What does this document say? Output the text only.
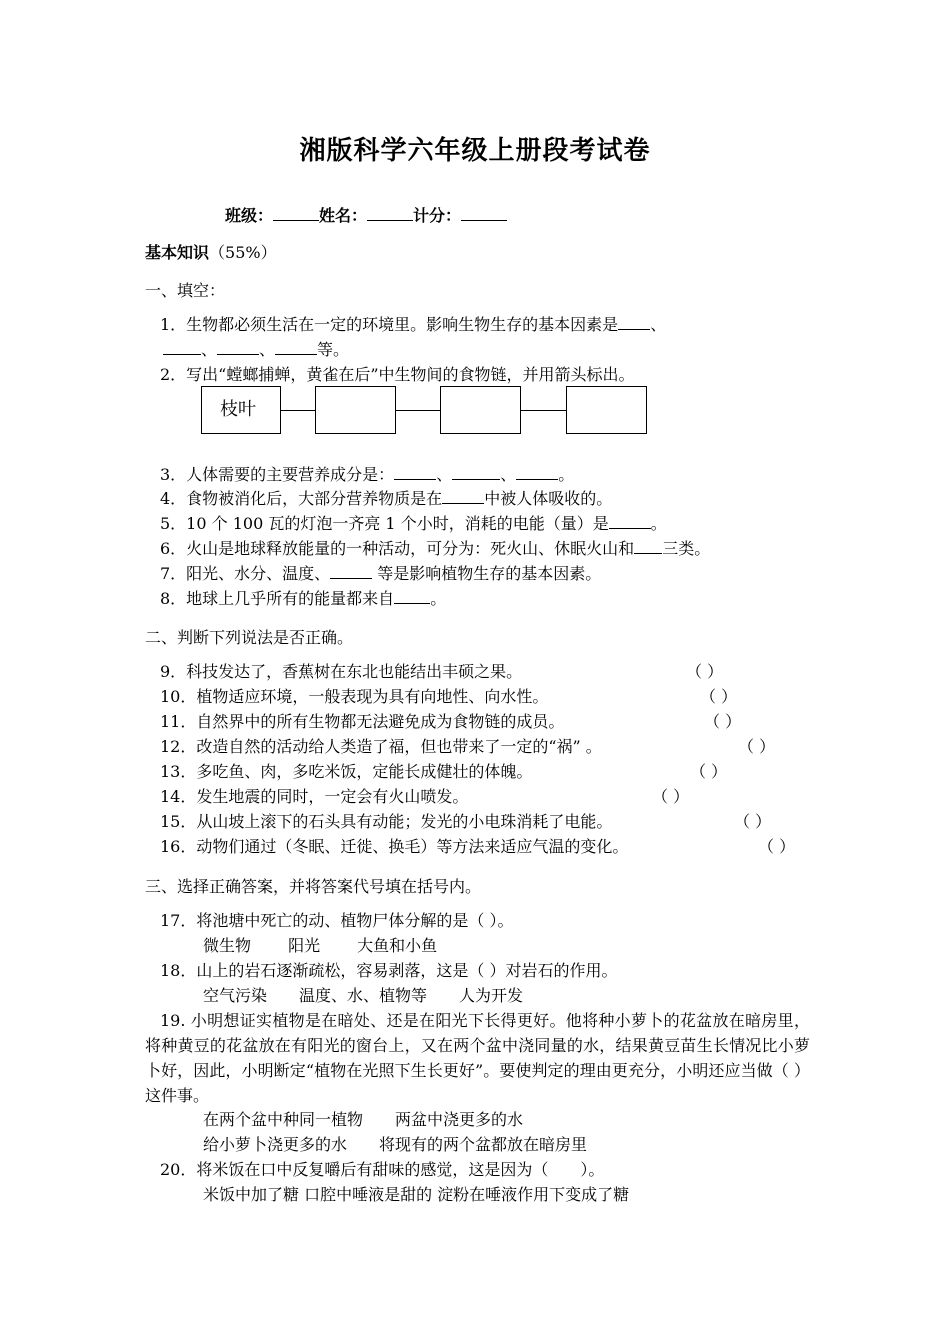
湘版科学六年级上册段考试卷
班级：	姓名：	计分：
基本知识（55%）
一、填空：
1．生物都必须生活在一定的环境里。影响生物生存的基本因素是 、
、	、	等。
2．写出“螳螂捕蝉，黄雀在后”中生物间的食物链，并用箭头标出。
枝叶
3．人体需要的主要营养成分是：	、	、	。
4．食物被消化后，大部分营养物质是在	中被人体吸收的。
5．10 个 100 瓦的灯泡一齐亮 1 个小时，消耗的电能（量）是	。
6．火山是地球释放能量的一种活动，可分为：死火山、休眠火山和 三类。
7．阳光、水分、温度、	等是影响植物生存的基本因素。
8．地球上几乎所有的能量都来自 。
二、判断下列说法是否正确。
9．科技发达了，香蕉树在东北也能结出丰硕之果。	（ ）
10．植物适应环境，一般表现为具有向地性、向水性。	（ ）
11．自然界中的所有生物都无法避免成为食物链的成员。	（ ）
12．改造自然的活动给人类造了福，但也带来了一定的“祸” 。	（ ）
13．多吃鱼、肉，多吃米饭，定能长成健壮的体魄。	（ ）
14．发生地震的同时，一定会有火山喷发。	（ ）
15．从山坡上滚下的石头具有动能；发光的小电珠消耗了电能。	（ ）
16．动物们通过（冬眠、迁徙、换毛）等方法来适应气温的变化。	（ ）
三、选择正确答案，并将答案代号填在括号内。
17．将池塘中死亡的动、植物尸体分解的是（ ）。
微生物　　 阳光　　 大鱼和小鱼
18．山上的岩石逐渐疏松，容易剥落，这是（ ）对岩石的作用。
空气污染　　温度、水、植物等　　人为开发
19. 小明想证实植物是在暗处、还是在阳光下长得更好。他将种小萝卜的花盆放在暗房里，将种黄豆的花盆放在有阳光的窗台上，又在两个盆中浇同量的水，结果黄豆苗生长情况比小萝卜好，因此，小明断定“植物在光照下生长更好”。要使判定的理由更充分，小明还应当做（ ）这件事。
在两个盆中种同一植物　　两盆中浇更多的水
给小萝卜浇更多的水　　将现有的两个盆都放在暗房里
20．将米饭在口中反复嚼后有甜味的感觉，这是因为（　　）。
米饭中加了糖 口腔中唾液是甜的 淀粉在唾液作用下变成了糖
